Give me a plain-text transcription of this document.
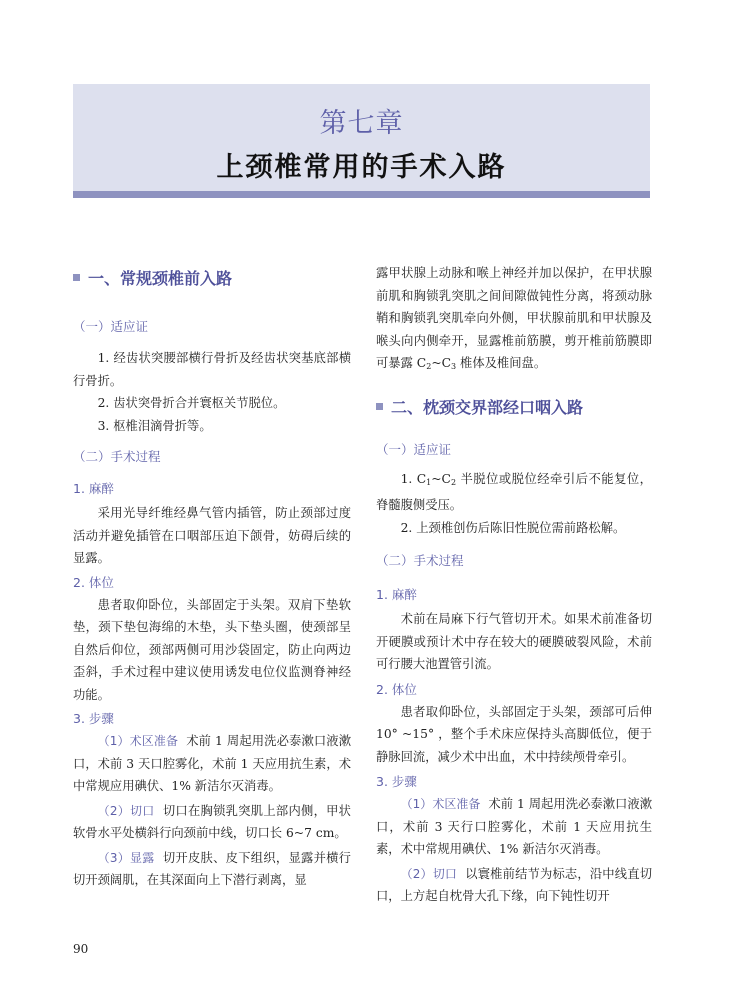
第七章
上颈椎常用的手术入路
一、常规颈椎前入路
（一）适应证

1. 经齿状突腰部横行骨折及经齿状突基底部横行骨折。

2. 齿状突骨折合并寰枢关节脱位。

3. 枢椎泪滴骨折等。

（二）手术过程
1. 麻醉

采用光导纤维经鼻气管内插管，防止颈部过度活动并避免插管在口咽部压迫下颌骨，妨碍后续的显露。

2. 体位

患者取仰卧位，头部固定于头架。双肩下垫软垫，颈下垫包海绵的木垫，头下垫头圈，使颈部呈自然后仰位，颈部两侧可用沙袋固定，防止向两边歪斜，手术过程中建议使用诱发电位仪监测脊神经功能。

3. 步骤

（1）术区准备 术前 1 周起用洗必泰漱口液漱口，术前 3 天口腔雾化，术前 1 天应用抗生素，术中常规应用碘伏、1% 新洁尔灭消毒。

（2）切口 切口在胸锁乳突肌上部内侧，甲状软骨水平处横斜行向颈前中线，切口长 6~7 cm。

（3）显露 切开皮肤、皮下组织，显露并横行切开颈阔肌，在其深面向上下潜行剥离，显

露甲状腺上动脉和喉上神经并加以保护，在甲状腺前肌和胸锁乳突肌之间间隙做钝性分离，将颈动脉鞘和胸锁乳突肌牵向外侧，甲状腺前肌和甲状腺及喉头向内侧牵开，显露椎前筋膜，剪开椎前筋膜即可暴露 $C_2\sim C_3$ 椎体及椎间盘。

二、枕颈交界部经口咽入路
（一）适应证

1. $C_1\sim C_2$ 半脱位或脱位经牵引后不能复位，脊髓腹侧受压。

2. 上颈椎创伤后陈旧性脱位需前路松解。

（二）手术过程
1. 麻醉

术前在局麻下行气管切开术。如果术前准备切开硬膜或预计术中存在较大的硬膜破裂风险，术前可行腰大池置管引流。

2. 体位

患者取仰卧位，头部固定于头架，颈部可后伸 10° ~15° ，整个手术床应保持头高脚低位，便于静脉回流，减少术中出血，术中持续颅骨牵引。

3. 步骤

（1）术区准备 术前 1 周起用洗必泰漱口液漱口，术前 3 天行口腔雾化，术前 1 天应用抗生素，术中常规用碘伏、1% 新洁尔灭消毒。

（2）切口 以寰椎前结节为标志，沿中线直切口，上方起自枕骨大孔下缘，向下钝性切开

90
